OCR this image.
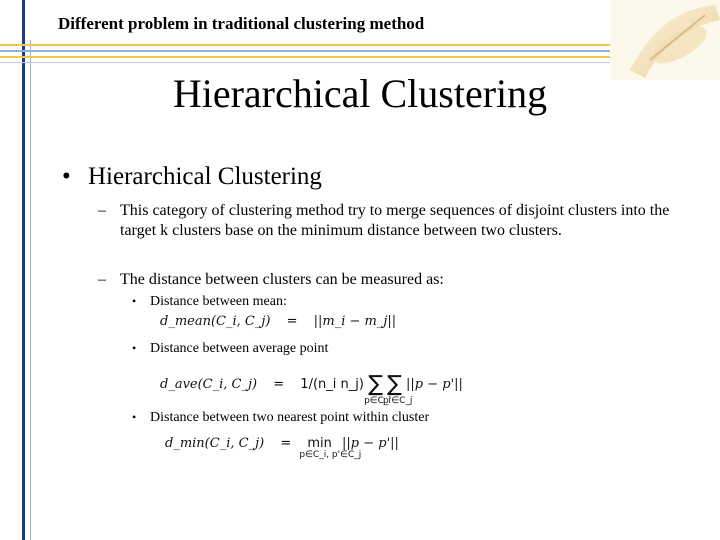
Different problem in traditional clustering method
Hierarchical Clustering
• Hierarchical Clustering
– This category of clustering method try to merge sequences of disjoint clusters into the target k clusters base on the minimum distance between two clusters.
– The distance between clusters can be measured as:
• Distance between mean:
d_mean(C_i, C_j) = ||m_i − m_j||
• Distance between average point
d_ave(C_i, C_j) = 1/(n_i n_j) ∑
p∈C_i
∑
p'∈C_j
||p − p'||
• Distance between two nearest point within cluster
d_min(C_i, C_j) = min
p∈C_i, p'∈C_j
||p − p'||
